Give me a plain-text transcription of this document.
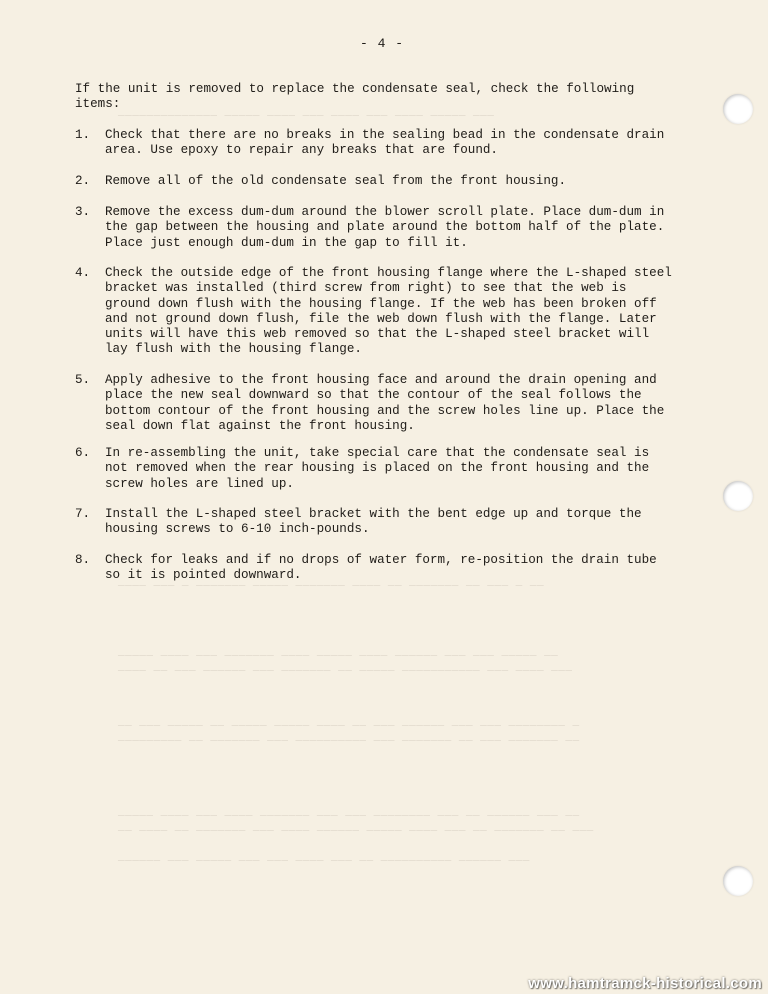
────────────── ───── ──── ─── ──── ─── ──── ───── ───
──── ─── ─ ─────── ───── ─────── ──── ── ─────── ── ─── ─ ──
───── ──── ─── ─────── ──── ───── ──── ────── ─── ─── ───── ──
──── ── ─── ────── ─── ─────── ── ───── ─────────── ─── ──── ───
── ─── ───── ── ───── ───── ──── ── ─── ────── ─── ─── ──────── ─
───────── ── ─────── ─── ────────── ─── ─────── ── ─── ─────── ──
───── ──── ─── ──── ─────── ─── ─── ──────── ─── ── ────── ─── ──
── ──── ── ─────── ─── ──── ────── ───── ──── ─── ── ─────── ── ───
────── ─── ───── ─── ─── ──── ─── ── ────────── ────── ───
- 4 -

If the unit is removed to replace the condensate seal, check the following items:

1. Check that there are no breaks in the sealing bead in the condensate drain area. Use epoxy to repair any breaks that are found.
2. Remove all of the old condensate seal from the front housing.
3. Remove the excess dum-dum around the blower scroll plate. Place dum-dum in the gap between the housing and plate around the bottom half of the plate. Place just enough dum-dum in the gap to fill it.
4. Check the outside edge of the front housing flange where the L-shaped steel bracket was installed (third screw from right) to see that the web is ground down flush with the housing flange. If the web has been broken off and not ground down flush, file the web down flush with the flange. Later units will have this web removed so that the L-shaped steel bracket will lay flush with the housing flange.
5. Apply adhesive to the front housing face and around the drain opening and place the new seal downward so that the contour of the seal follows the bottom contour of the front housing and the screw holes line up. Place the seal down flat against the front housing.
6. In re-assembling the unit, take special care that the condensate seal is not removed when the rear housing is placed on the front housing and the screw holes are lined up.
7. Install the L-shaped steel bracket with the bent edge up and torque the housing screws to 6-10 inch-pounds.
8. Check for leaks and if no drops of water form, re-position the drain tube so it is pointed downward.
www.hamtramck-historical.com
